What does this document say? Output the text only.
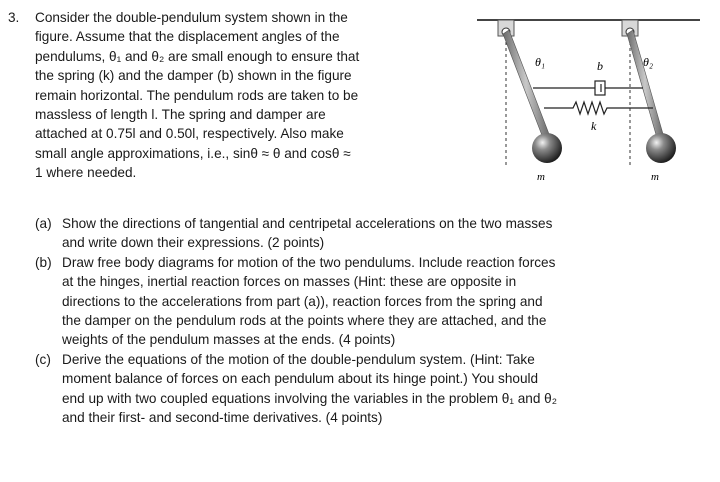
3. Consider the double-pendulum system shown in the
figure. Assume that the displacement angles of the
pendulums, θ₁ and θ₂ are small enough to ensure that
the spring (k) and the damper (b) shown in the figure
remain horizontal. The pendulum rods are taken to be
massless of length l. The spring and damper are
attached at 0.75l and 0.50l, respectively. Also make
small angle approximations, i.e., sinθ ≈ θ and cosθ ≈
1 where needed.
(a) Show the directions of tangential and centripetal accelerations on the two masses
and write down their expressions. (2 points)
(b) Draw free body diagrams for motion of the two pendulums. Include reaction forces
at the hinges, inertial reaction forces on masses (Hint: these are opposite in
directions to the accelerations from part (a)), reaction forces from the spring and
the damper on the pendulum rods at the points where they are attached, and the
weights of the pendulum masses at the ends. (4 points)
(c) Derive the equations of the motion of the double-pendulum system. (Hint: Take
moment balance of forces on each pendulum about its hinge point.) You should
end up with two coupled equations involving the variables in the problem θ₁ and θ₂
and their first- and second-time derivatives. (4 points)
θ₁	θ₂
b
k
m	m
